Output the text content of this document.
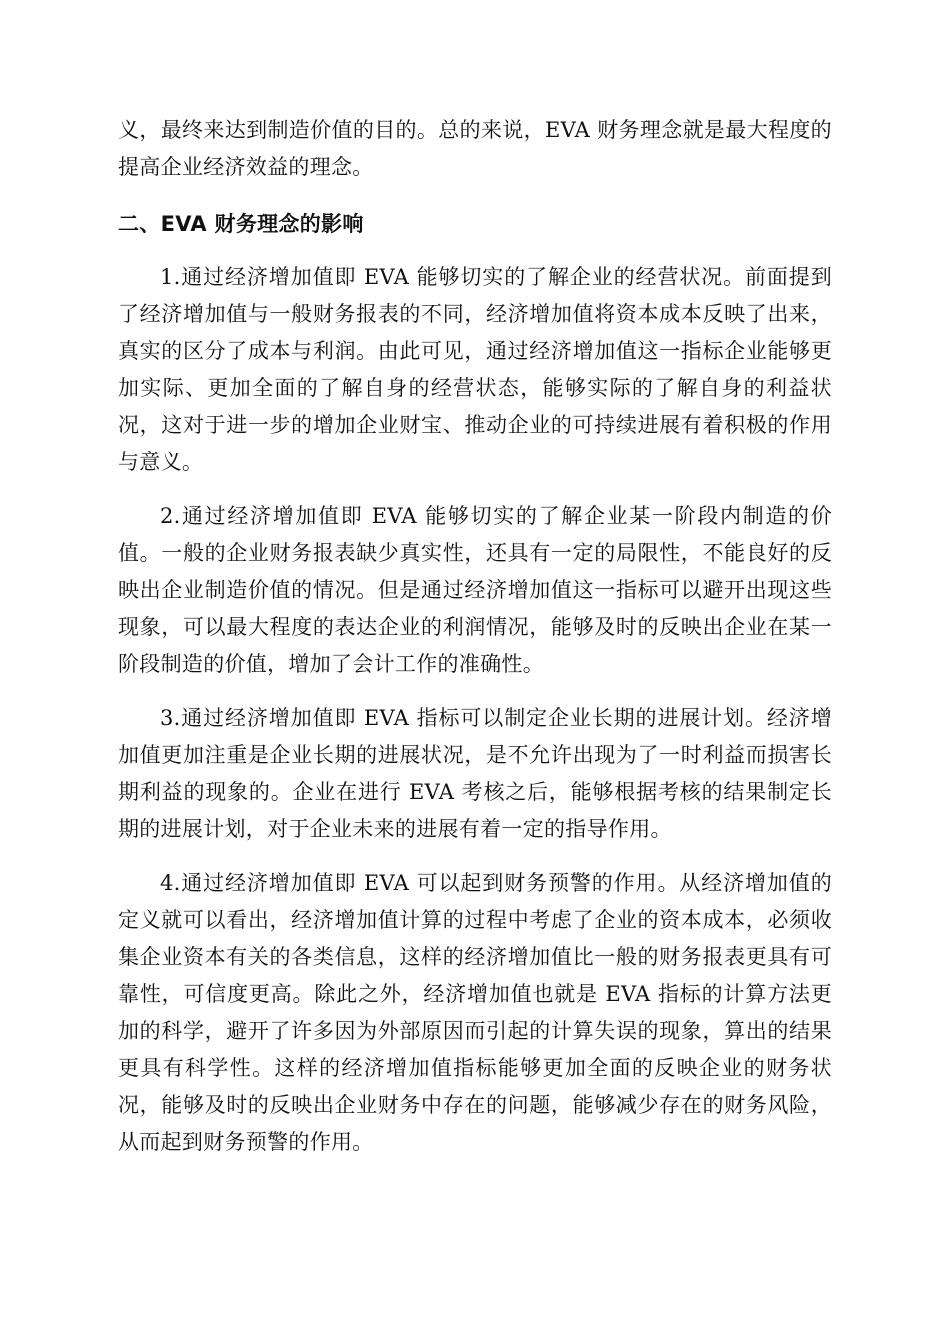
义，最终来达到制造价值的目的。总的来说，EVA 财务理念就是最大程度的提高企业经济效益的理念。

二、EVA 财务理念的影响

1.通过经济增加值即 EVA 能够切实的了解企业的经营状况。前面提到了经济增加值与一般财务报表的不同，经济增加值将资本成本反映了出来，真实的区分了成本与利润。由此可见，通过经济增加值这一指标企业能够更加实际、更加全面的了解自身的经营状态，能够实际的了解自身的利益状况，这对于进一步的增加企业财宝、推动企业的可持续进展有着积极的作用与意义。

2.通过经济增加值即 EVA 能够切实的了解企业某一阶段内制造的价值。一般的企业财务报表缺少真实性，还具有一定的局限性，不能良好的反映出企业制造价值的情况。但是通过经济增加值这一指标可以避开出现这些现象，可以最大程度的表达企业的利润情况，能够及时的反映出企业在某一阶段制造的价值，增加了会计工作的准确性。

3.通过经济增加值即 EVA 指标可以制定企业长期的进展计划。经济增加值更加注重是企业长期的进展状况，是不允许出现为了一时利益而损害长期利益的现象的。企业在进行 EVA 考核之后，能够根据考核的结果制定长期的进展计划，对于企业未来的进展有着一定的指导作用。

4.通过经济增加值即 EVA 可以起到财务预警的作用。从经济增加值的定义就可以看出，经济增加值计算的过程中考虑了企业的资本成本，必须收集企业资本有关的各类信息，这样的经济增加值比一般的财务报表更具有可靠性，可信度更高。除此之外，经济增加值也就是 EVA 指标的计算方法更加的科学，避开了许多因为外部原因而引起的计算失误的现象，算出的结果更具有科学性。这样的经济增加值指标能够更加全面的反映企业的财务状况，能够及时的反映出企业财务中存在的问题，能够减少存在的财务风险，从而起到财务预警的作用。
